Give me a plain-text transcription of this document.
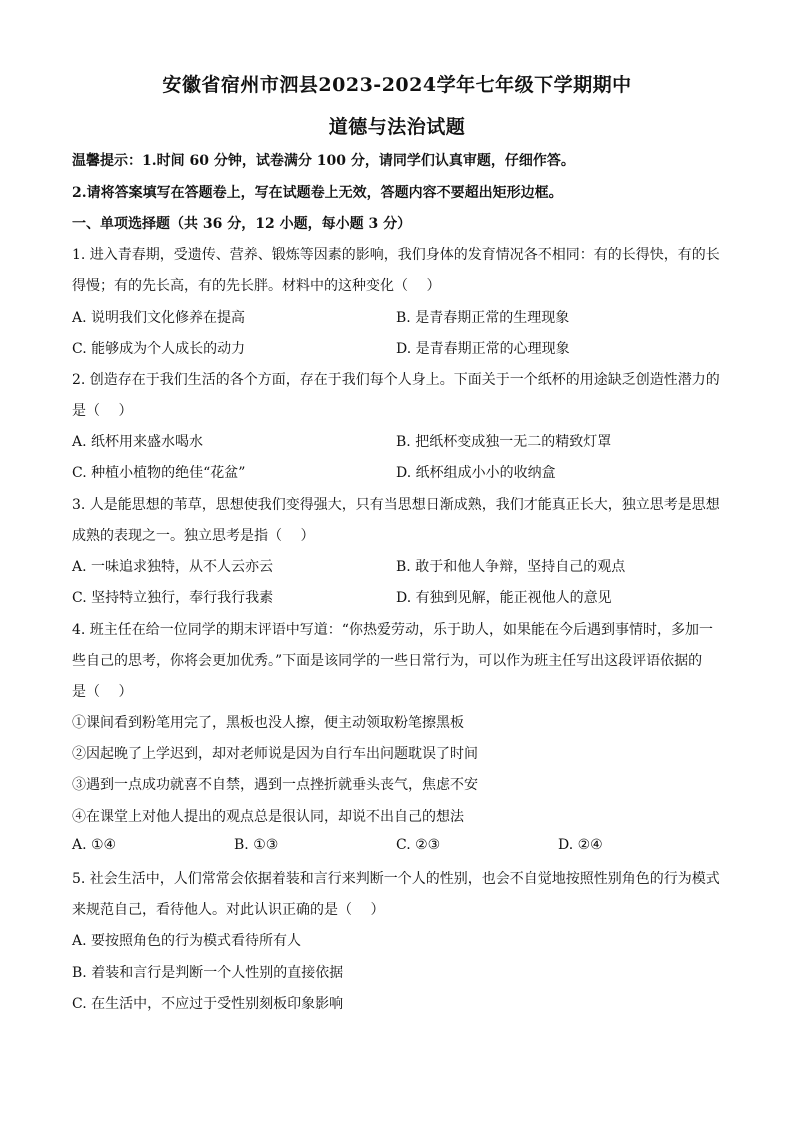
安徽省宿州市泗县2023-2024学年七年级下学期期中
道德与法治试题
温馨提示：1.时间 60 分钟，试卷满分 100 分，请同学们认真审题，仔细作答。
2.请将答案填写在答题卷上，写在试题卷上无效，答题内容不要超出矩形边框。
一、单项选择题（共 36 分，12 小题，每小题 3 分）
1. 进入青春期，受遗传、营养、锻炼等因素的影响，我们身体的发育情况各不相同：有的长得快，有的长
得慢；有的先长高，有的先长胖。材料中的这种变化（　 ）
A. 说明我们文化修养在提高	B. 是青春期正常的生理现象
C. 能够成为个人成长的动力	D. 是青春期正常的心理现象
2. 创造存在于我们生活的各个方面，存在于我们每个人身上。下面关于一个纸杯的用途缺乏创造性潜力的
是（　 ）
A. 纸杯用来盛水喝水	B. 把纸杯变成独一无二的精致灯罩
C. 种植小植物的绝佳“花盆”	D. 纸杯组成小小的收纳盒
3. 人是能思想的苇草，思想使我们变得强大，只有当思想日渐成熟，我们才能真正长大，独立思考是思想
成熟的表现之一。独立思考是指（　 ）
A. 一味追求独特，从不人云亦云	B. 敢于和他人争辩，坚持自己的观点
C. 坚持特立独行，奉行我行我素	D. 有独到见解，能正视他人的意见
4. 班主任在给一位同学的期末评语中写道：“你热爱劳动，乐于助人，如果能在今后遇到事情时，多加一
些自己的思考，你将会更加优秀。”下面是该同学的一些日常行为，可以作为班主任写出这段评语依据的
是（　 ）
①课间看到粉笔用完了，黑板也没人擦，便主动领取粉笔擦黑板
②因起晚了上学迟到，却对老师说是因为自行车出问题耽误了时间
③遇到一点成功就喜不自禁，遇到一点挫折就垂头丧气，焦虑不安
④在课堂上对他人提出的观点总是很认同，却说不出自己的想法
A. ①④	B. ①③	C. ②③	D. ②④
5. 社会生活中，人们常常会依据着装和言行来判断一个人的性别，也会不自觉地按照性别角色的行为模式
来规范自己，看待他人。对此认识正确的是（　 ）
A. 要按照角色的行为模式看待所有人
B. 着装和言行是判断一个人性别的直接依据
C. 在生活中，不应过于受性别刻板印象影响
